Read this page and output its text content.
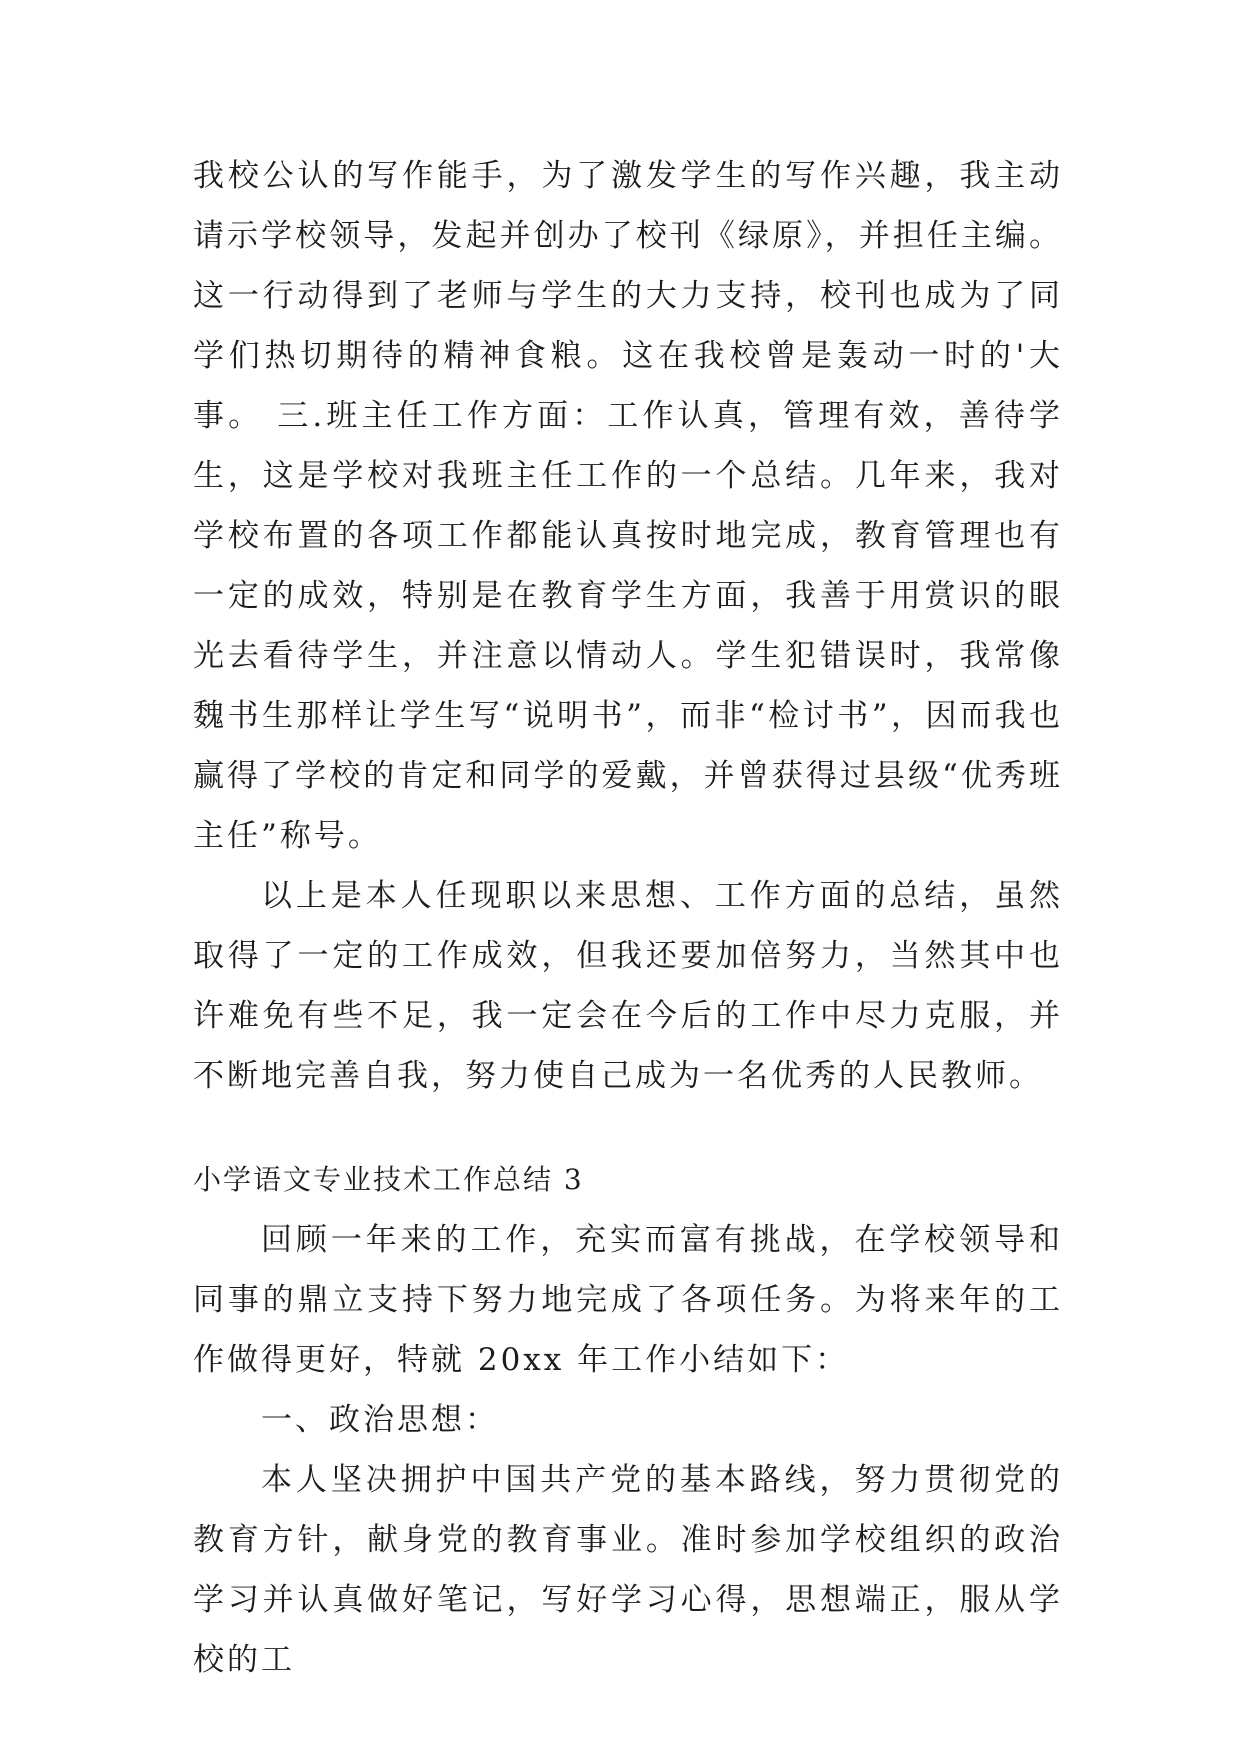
我校公认的写作能手，为了激发学生的写作兴趣，我主动请示学校领导，发起并创办了校刊《绿原》，并担任主编。这一行动得到了老师与学生的大力支持，校刊也成为了同学们热切期待的精神食粮。这在我校曾是轰动一时的'大事。 三.班主任工作方面：工作认真，管理有效，善待学生，这是学校对我班主任工作的一个总结。几年来，我对学校布置的各项工作都能认真按时地完成，教育管理也有一定的成效，特别是在教育学生方面，我善于用赏识的眼光去看待学生，并注意以情动人。学生犯错误时，我常像魏书生那样让学生写“说明书”，而非“检讨书”，因而我也赢得了学校的肯定和同学的爱戴，并曾获得过县级“优秀班主任”称号。

以上是本人任现职以来思想、工作方面的总结，虽然取得了一定的工作成效，但我还要加倍努力，当然其中也许难免有些不足，我一定会在今后的工作中尽力克服，并不断地完善自我，努力使自己成为一名优秀的人民教师。

小学语文专业技术工作总结 3

回顾一年来的工作，充实而富有挑战，在学校领导和同事的鼎立支持下努力地完成了各项任务。为将来年的工作做得更好，特就 20xx 年工作小结如下：

一、政治思想：

本人坚决拥护中国共产党的基本路线，努力贯彻党的教育方针，献身党的教育事业。准时参加学校组织的政治学习并认真做好笔记，写好学习心得，思想端正，服从学校的工
